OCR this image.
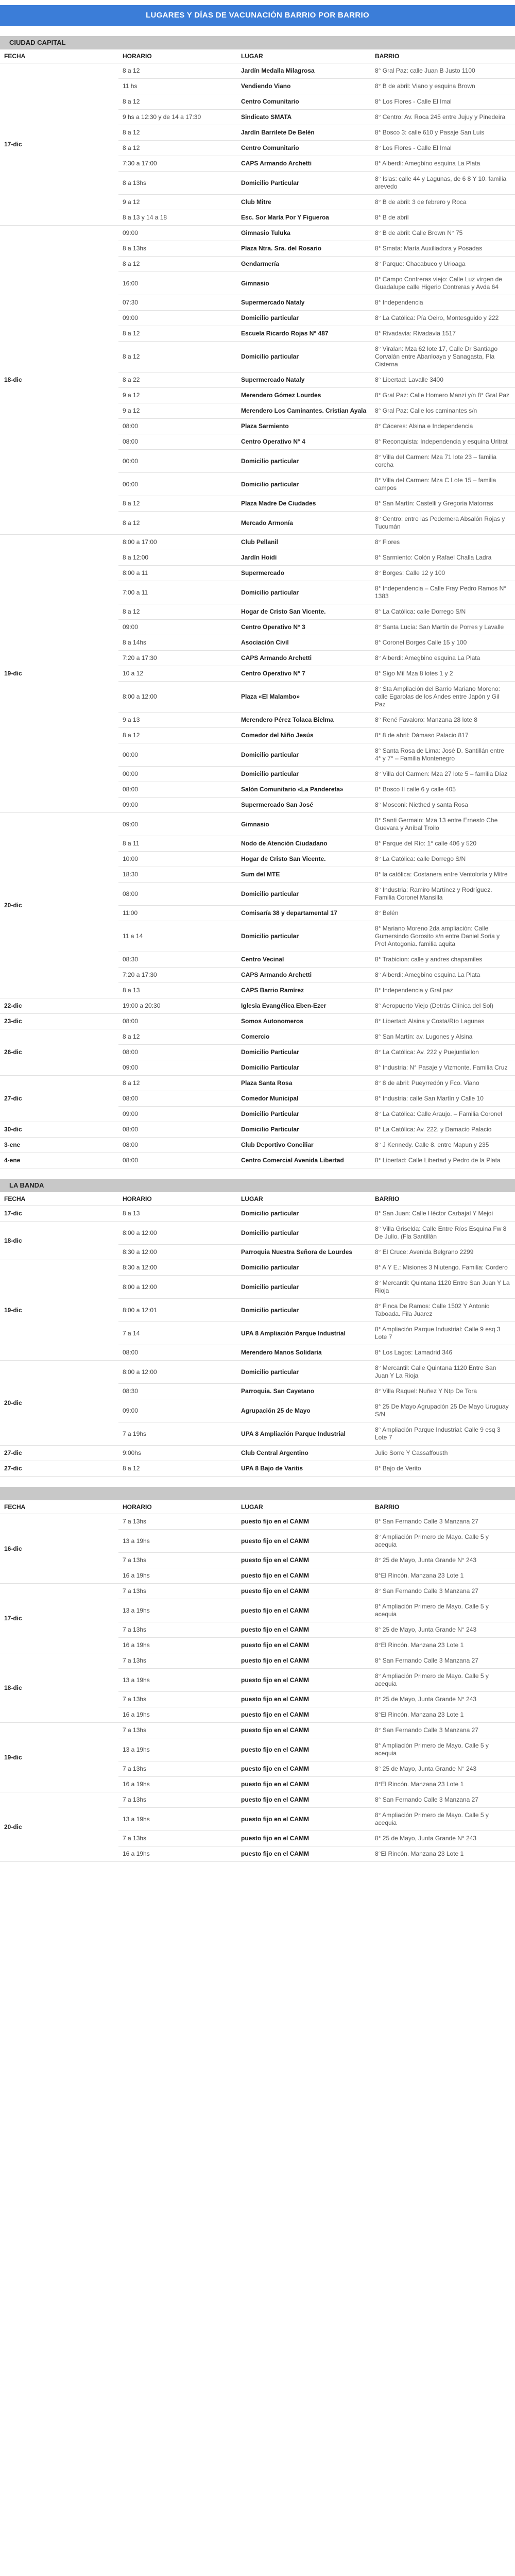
LUGARES Y DÍAS DE VACUNACIÓN BARRIO POR BARRIO
CIUDAD CAPITAL
FECHA	HORARIO	LUGAR	BARRIO
17-dic	8 a 12	Jardín Medalla Milagrosa	8° Gral Paz: calle Juan B Justo 1100
	11 hs	Vendiendo Viano	8° B de abril: Viano y esquina Brown
	8 a 12	Centro Comunitario	8° Los Flores - Calle El Imal
	9 hs a 12:30 y de 14 a 17:30	Sindicato SMATA	8° Centro: Av. Roca 245 entre Jujuy y Pinedeira
	8 a 12	Jardín Barrilete De Belén	8° Bosco 3: calle 610 y Pasaje San Luis
	8 a 12	Centro Comunitario	8° Los Flores - Calle El Imal
	7:30 a 17:00	CAPS Armando Archetti	8° Alberdi: Amegbino esquina La Plata
	8 a 13hs	Domicilio Particular	8° Islas: calle 44 y Lagunas, de 6 8 Y 10. familia arevedo
	9 a 12	Club Mitre	8° B de abril: 3 de febrero y Roca
	8 a 13 y 14 a 18	Esc. Sor María Por Y Figueroa	8° B de abril
18-dic	09:00	Gimnasio Tuluka	8° B de abril: Calle Brown N° 75
	8 a 13hs	Plaza Ntra. Sra. del Rosario	8° Smata: María Auxiliadora y Posadas
	8 a 12	Gendarmería	8° Parque: Chacabuco y Urioaga
	16:00	Gimnasio	8° Campo Contreras viejo: Calle Luz virgen de Guadalupe calle Higerio Contreras y Avda 64
	07:30	Supermercado Nataly	8° Independencia
	09:00	Domicilio particular	8° La Católica: Pía Oeiro, Montesguido y 222
	8 a 12	Escuela Ricardo Rojas N° 487	8° Rivadavia: Rivadavia 1517
	8 a 12	Domicilio particular	8° Viralan: Mza 62 lote 17, Calle Dr Santiago Corvalán entre Abanloaya y Sanagasta, Pla Cisterna
	8 a 22	Supermercado Nataly	8° Libertad: Lavalle 3400
	9 a 12	Merendero Gómez Lourdes	8° Gral Paz: Calle Homero Manzi y/n 8° Gral Paz
	9 a 12	Merendero Los Caminantes. Cristian Ayala	8° Gral Paz: Calle los caminantes s/n
	08:00	Plaza Sarmiento	8° Cáceres: Alsina e Independencia
	08:00	Centro Operativo N° 4	8° Reconquista: Independencia y esquina Uritrat
	00:00	Domicilio particular	8° Villa del Carmen: Mza 71 lote 23 – familia corcha
	00:00	Domicilio particular	8° Villa del Carmen: Mza C Lote 15 – familia campos
	8 a 12	Plaza Madre De Ciudades	8° San Martín: Castelli y Gregoria Matorras
	8 a 12	Mercado Armonía	8° Centro: entre las Pedernera Absalón Rojas y Tucumán
19-dic	8:00 a 17:00	Club Pellanil	8° Flores
	8 a 12:00	Jardín Hoidi	8° Sarmiento: Colón y Rafael Challa Ladra
	8:00 a 11	Supermercado	8° Borges: Calle 12 y 100
	7:00 a 11	Domicilio particular	8° Independencia – Calle Fray Pedro Ramos N° 1383
	8 a 12	Hogar de Cristo San Vicente.	8° La Católica: calle Dorrego S/N
	09:00	Centro Operativo N° 3	8° Santa Lucía: San Martín de Porres y Lavalle
	8 a 14hs	Asociación Civil	8° Coronel Borges Calle 15 y 100
	7:20 a 17:30	CAPS Armando Archetti	8° Alberdi: Amegbino esquina La Plata
	10 a 12	Centro Operativo N° 7	8° Sigo Mil Mza 8 lotes 1 y 2
	8:00 a 12:00	Plaza «El Malambo»	8° Sta Ampliación del Barrio Mariano Moreno: calle Egarolas de los Andes entre Japón y Gil Paz
	9 a 13	Merendero Pérez Tolaca Bielma	8° René Favaloro: Manzana 28 lote 8
	8 a 12	Comedor del Niño Jesús	8° 8 de abril: Dámaso Palacio 817
	00:00	Domicilio particular	8° Santa Rosa de Lima: José D. Santillán entre 4° y 7° – Familia Montenegro
	00:00	Domicilio particular	8° Villa del Carmen: Mza 27 lote 5 – familia Díaz
	08:00	Salón Comunitario «La Pandereta»	8° Bosco II calle 6 y calle 405
	09:00	Supermercado San José	8° Mosconi: Niethed y santa Rosa
20-dic	09:00	Gimnasio	8° Santi Germain: Mza 13 entre Ernesto Che Guevara y Aníbal Troilo
	8 a 11	Nodo de Atención Ciudadano	8° Parque del Río: 1° calle 406 y 520
	10:00	Hogar de Cristo San Vicente.	8° La Católica: calle Dorrego S/N
	18:30	Sum del MTE	8° la católica: Costanera entre Ventoloría y Mitre
	08:00	Domicilio particular	8° Industria: Ramiro Martínez y Rodríguez. Familia Coronel Mansilla
	11:00	Comisaría 38 y departamental 17	8° Belén
	11 a 14	Domicilio particular	8° Mariano Moreno 2da ampliación: Calle Gumersindo Gorosito s/n entre Daniel Soria y Prof Antogonia. familia aquita
	08:30	Centro Vecinal	8° Trabicion: calle y andres chapamiles
	7:20 a 17:30	CAPS Armando Archetti	8° Alberdi: Amegbino esquina La Plata
	8 a 13	CAPS Barrio Ramírez	8° Independencia y Gral paz
22-dic	19:00 a 20:30	Iglesia Evangélica Eben-Ezer	8° Aeropuerto Viejo (Detrás Clínica del Sol)
23-dic	08:00	Somos Autonomeros	8° Libertad: Alsina y Costa/Río Lagunas
26-dic	8 a 12	Comercio	8° San Martín: av. Lugones y Alsina
	08:00	Domicilio Particular	8° La Católica: Av. 222 y Puejuntiallon
	09:00	Domicilio Particular	8° Industria: N° Pasaje y Vizmonte. Familia Cruz
27-dic	8 a 12	Plaza Santa Rosa	8° 8 de abril: Pueyrredón y Fco. Viano
	08:00	Comedor Municipal	8° Industria: calle San Martín y Calle 10
	09:00	Domicilio Particular	8° La Católica: Calle Araujo. – Familia Coronel
30-dic	08:00	Domicilio Particular	8° La Católica: Av. 222. y Damacio Palacio
3-ene	08:00	Club Deportivo Conciliar	8° J Kennedy. Calle 8. entre Mapun y 235
4-ene	08:00	Centro Comercial Avenida Libertad	8° Libertad: Calle Libertad y Pedro de la Plata
LA BANDA
FECHA	HORARIO	LUGAR	BARRIO
17-dic	8 a 13	Domicilio particular	8° San Juan: Calle Héctor Carbajal Y Mejoi
18-dic	8:00 a 12:00	Domicilio particular	8° Villa Griselda: Calle Entre Ríos Esquina Fw 8 De Julio. (Fla Santillán
	8:30 a 12:00	Parroquia Nuestra Señora de Lourdes	8° El Cruce: Avenida Belgrano 2299
19-dic	8:30 a 12:00	Domicilio particular	8° A Y E.: Misiones 3 Niutengo. Familia: Cordero
	8:00 a 12:00	Domicilio particular	8° Mercantil: Quintana 1120 Entre San Juan Y La Rioja
	8:00 a 12:01	Domicilio particular	8° Finca De Ramos: Calle 1502 Y Antonio Taboada. Fila Juarez
	7 a 14	UPA 8 Ampliación Parque Industrial	8° Ampliación Parque Industrial: Calle 9 esq 3 Lote 7
	08:00	Merendero Manos Solidaria	8° Los Lagos: Lamadrid 346
20-dic	8:00 a 12:00	Domicilio particular	8° Mercantil: Calle Quintana 1120 Entre San Juan Y La Rioja
	08:30	Parroquia. San Cayetano	8° Villa Raquel: Nuñez Y Ntp De Tora
	09:00	Agrupación 25 de Mayo	8° 25 De Mayo Agrupación 25 De Mayo Uruguay S/N
	7 a 19hs	UPA 8 Ampliación Parque Industrial	8° Ampliación Parque Industrial: Calle 9 esq 3 Lote 7
27-dic	9:00hs	Club Central Argentino	Julio Sorre Y Cassaffousth
27-dic	8 a 12	UPA 8 Bajo de Varitis	8° Bajo de Verito

FECHA	HORARIO	LUGAR	BARRIO
16-dic	7 a 13hs	puesto fijo en el CAMM	8° San Fernando Calle 3 Manzana 27
	13 a 19hs	puesto fijo en el CAMM	8° Ampliación Primero de Mayo. Calle 5 y acequia
	7 a 13hs	puesto fijo en el CAMM	8° 25 de Mayo, Junta Grande N° 243
	16 a 19hs	puesto fijo en el CAMM	8°El Rincón. Manzana 23 Lote 1
17-dic	7 a 13hs	puesto fijo en el CAMM	8° San Fernando Calle 3 Manzana 27
	13 a 19hs	puesto fijo en el CAMM	8° Ampliación Primero de Mayo. Calle 5 y acequia
	7 a 13hs	puesto fijo en el CAMM	8° 25 de Mayo, Junta Grande N° 243
	16 a 19hs	puesto fijo en el CAMM	8°El Rincón. Manzana 23 Lote 1
18-dic	7 a 13hs	puesto fijo en el CAMM	8° San Fernando Calle 3 Manzana 27
	13 a 19hs	puesto fijo en el CAMM	8° Ampliación Primero de Mayo. Calle 5 y acequia
	7 a 13hs	puesto fijo en el CAMM	8° 25 de Mayo, Junta Grande N° 243
	16 a 19hs	puesto fijo en el CAMM	8°El Rincón. Manzana 23 Lote 1
19-dic	7 a 13hs	puesto fijo en el CAMM	8° San Fernando Calle 3 Manzana 27
	13 a 19hs	puesto fijo en el CAMM	8° Ampliación Primero de Mayo. Calle 5 y acequia
	7 a 13hs	puesto fijo en el CAMM	8° 25 de Mayo, Junta Grande N° 243
	16 a 19hs	puesto fijo en el CAMM	8°El Rincón. Manzana 23 Lote 1
20-dic	7 a 13hs	puesto fijo en el CAMM	8° San Fernando Calle 3 Manzana 27
	13 a 19hs	puesto fijo en el CAMM	8° Ampliación Primero de Mayo. Calle 5 y acequia
	7 a 13hs	puesto fijo en el CAMM	8° 25 de Mayo, Junta Grande N° 243
	16 a 19hs	puesto fijo en el CAMM	8°El Rincón. Manzana 23 Lote 1
